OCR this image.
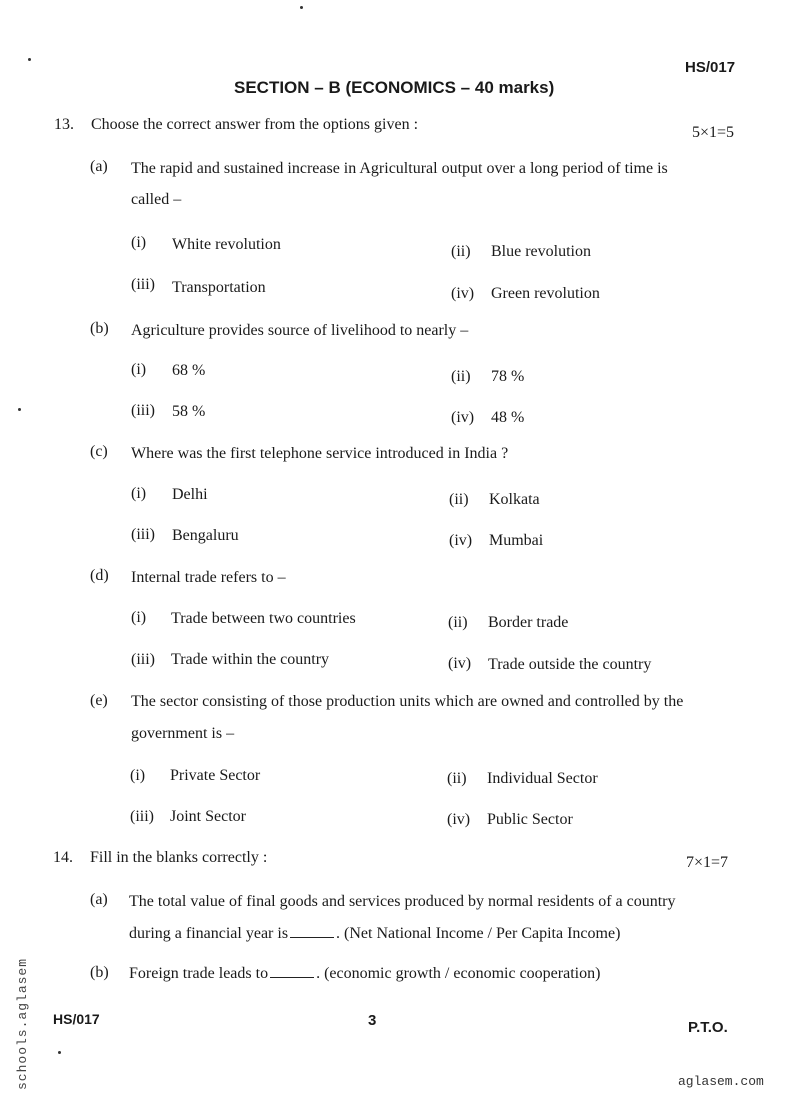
HS/017
SECTION – B (ECONOMICS – 40 marks)
13. Choose the correct answer from the options given :	5×1=5
(a) The rapid and sustained increase in Agricultural output over a long period of time is
called –
(i) White revolution	(ii) Blue revolution
(iii) Transportation	(iv) Green revolution
(b) Agriculture provides source of livelihood to nearly –
(i) 68 %	(ii) 78 %
(iii) 58 %	(iv) 48 %
(c) Where was the first telephone service introduced in India ?
(i) Delhi	(ii) Kolkata
(iii) Bengaluru	(iv) Mumbai
(d) Internal trade refers to –
(i) Trade between two countries	(ii) Border trade
(iii) Trade within the country	(iv) Trade outside the country
(e) The sector consisting of those production units which are owned and controlled by the
government is –
(i) Private Sector	(ii) Individual Sector
(iii) Joint Sector	(iv) Public Sector
14. Fill in the blanks correctly :	7×1=7
(a) The total value of final goods and services produced by normal residents of a country
during a financial year is	. (Net National Income / Per Capita Income)
(b) Foreign trade leads to	. (economic growth / economic cooperation)
HS/017	3	P.T.O.
schools.aglasem	aglasem.com
